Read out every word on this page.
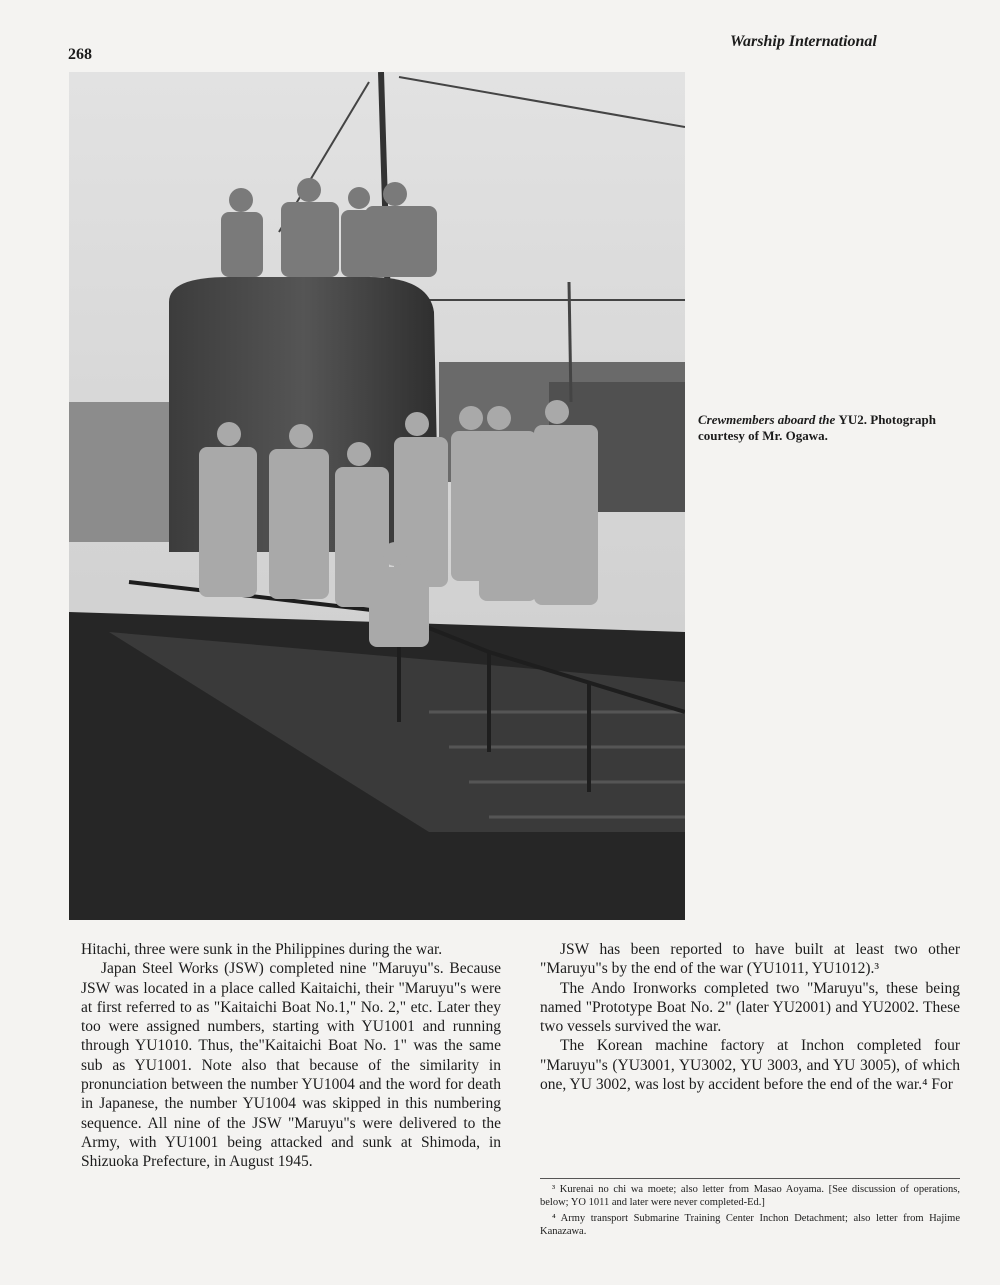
268
Warship International
Crewmembers aboard the YU2. Photograph courtesy of Mr. Ogawa.

Hitachi, three were sunk in the Philippines during the war.

Japan Steel Works (JSW) completed nine "Maruyu"s. Because JSW was located in a place called Kaitaichi, their "Maruyu"s were at first referred to as "Kaitaichi Boat No.1," No. 2," etc. Later they too were assigned numbers, starting with YU1001 and running through YU1010. Thus, the"Kaitaichi Boat No. 1" was the same sub as YU1001. Note also that because of the similarity in pronunciation between the number YU1004 and the word for death in Japanese, the number YU1004 was skipped in this numbering sequence. All nine of the JSW "Maruyu"s were delivered to the Army, with YU1001 being attacked and sunk at Shimoda, in Shizuoka Prefecture, in August 1945.

JSW has been reported to have built at least two other "Maruyu"s by the end of the war (YU1011, YU1012).³

The Ando Ironworks completed two "Maruyu"s, these being named "Prototype Boat No. 2" (later YU2001) and YU2002. These two vessels survived the war.

The Korean machine factory at Inchon completed four "Maruyu"s (YU3001, YU3002, YU 3003, and YU 3005), of which one, YU 3002, was lost by accident before the end of the war.⁴ For

³ Kurenai no chi wa moete; also letter from Masao Aoyama. [See discussion of operations, below; YO 1011 and later were never completed-Ed.]

⁴ Army transport Submarine Training Center Inchon Detachment; also letter from Hajime Kanazawa.
